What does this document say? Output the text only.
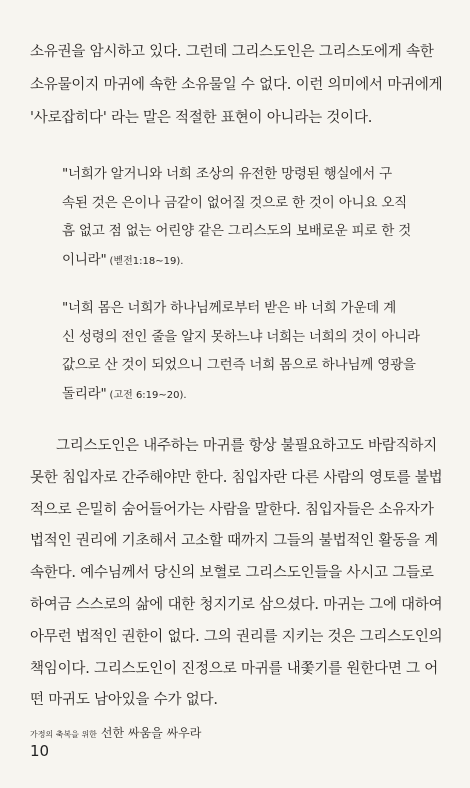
소유권을 암시하고 있다. 그런데 그리스도인은 그리스도에게 속한

소유물이지 마귀에 속한 소유물일 수 없다. 이런 의미에서 마귀에게

'사로잡히다' 라는 말은 적절한 표현이 아니라는 것이다.

"너희가 알거니와 너희 조상의 유전한 망령된 행실에서 구

속된 것은 은이나 금같이 없어질 것으로 한 것이 아니요 오직

흠 없고 점 없는 어린양 같은 그리스도의 보배로운 피로 한 것

이니라" (벧전1:18~19).

"너희 몸은 너희가 하나님께로부터 받은 바 너희 가운데 계

신 성령의 전인 줄을 알지 못하느냐 너희는 너희의 것이 아니라

값으로 산 것이 되었으니 그런즉 너희 몸으로 하나님께 영광을

돌리라" (고전 6:19~20).

그리스도인은 내주하는 마귀를 항상 불필요하고도 바람직하지

못한 침입자로 간주해야만 한다. 침입자란 다른 사람의 영토를 불법

적으로 은밀히 숨어들어가는 사람을 말한다. 침입자들은 소유자가

법적인 권리에 기초해서 고소할 때까지 그들의 불법적인 활동을 계

속한다. 예수님께서 당신의 보혈로 그리스도인들을 사시고 그들로

하여금 스스로의 삶에 대한 청지기로 삼으셨다. 마귀는 그에 대하여

아무런 법적인 권한이 없다. 그의 권리를 지키는 것은 그리스도인의

책임이다. 그리스도인이 진정으로 마귀를 내쫓기를 원한다면 그 어

떤 마귀도 남아있을 수가 없다.

가정의 축복을 위한 선한 싸움을 싸우라
10
